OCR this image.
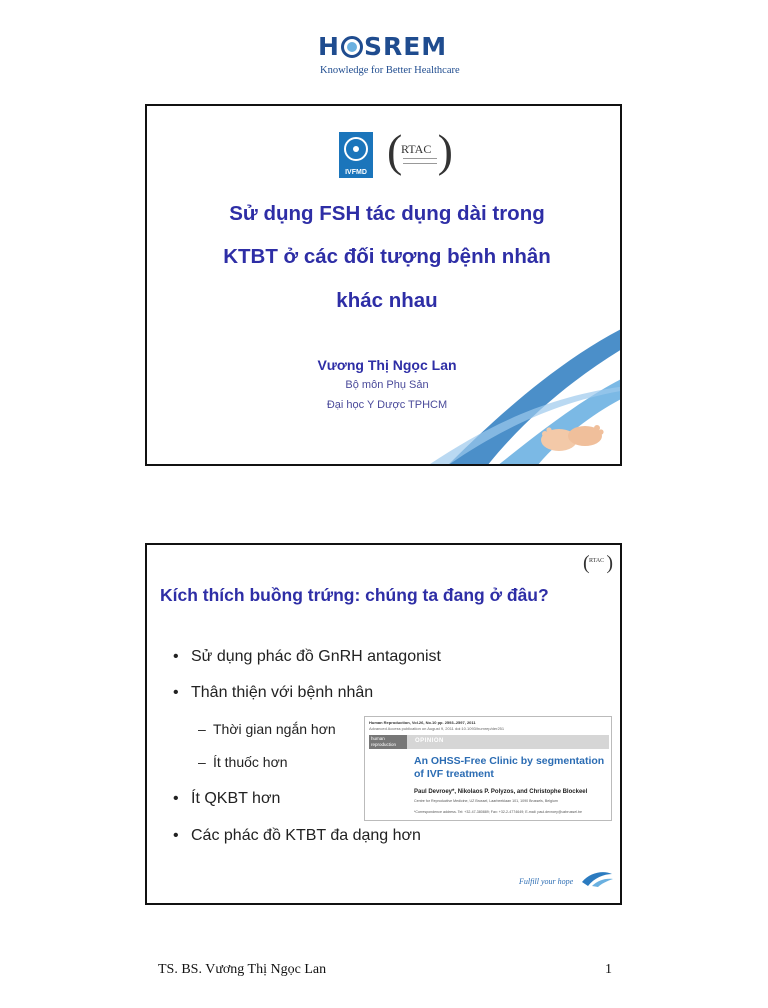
H SREM
Knowledge for Better Healthcare
IVFMD (
RTAC )
Sử dụng FSH tác dụng dài trong
KTBT ở các đối tượng bệnh nhân
khác nhau
Vương Thị Ngọc Lan
Bộ môn Phụ Sản
Đại học Y Dược TPHCM
( RTAC )
Kích thích buồng trứng: chúng ta đang ở đâu?
• Sử dụng phác đồ GnRH antagonist
• Thân thiện với bệnh nhân
– Thời gian ngắn hơn
– Ít thuốc hơn
• Ít QKBT hơn
• Các phác đồ KTBT đa dạng hơn
Human Reproduction, Vol.26, No.10 pp. 2593–2597, 2011
Advanced Access publication on August 9, 2011 doi:10.1093/humrep/der251
human reproduction	OPINION
An OHSS-Free Clinic by segmentation of IVF treatment
Paul Devroey*, Nikolaos P. Polyzos, and Christophe Blockeel
Centre for Reproductive Medicine, UZ Brussel, Laarbeeklaan 101, 1090 Brussels, Belgium
*Correspondence address. Tel: +32-47-380889; Fax: +32-2-4774649; E-mail: paul.devroey@uzbrussel.be
Fulfill your hope
TS. BS. Vương Thị Ngọc Lan	1
